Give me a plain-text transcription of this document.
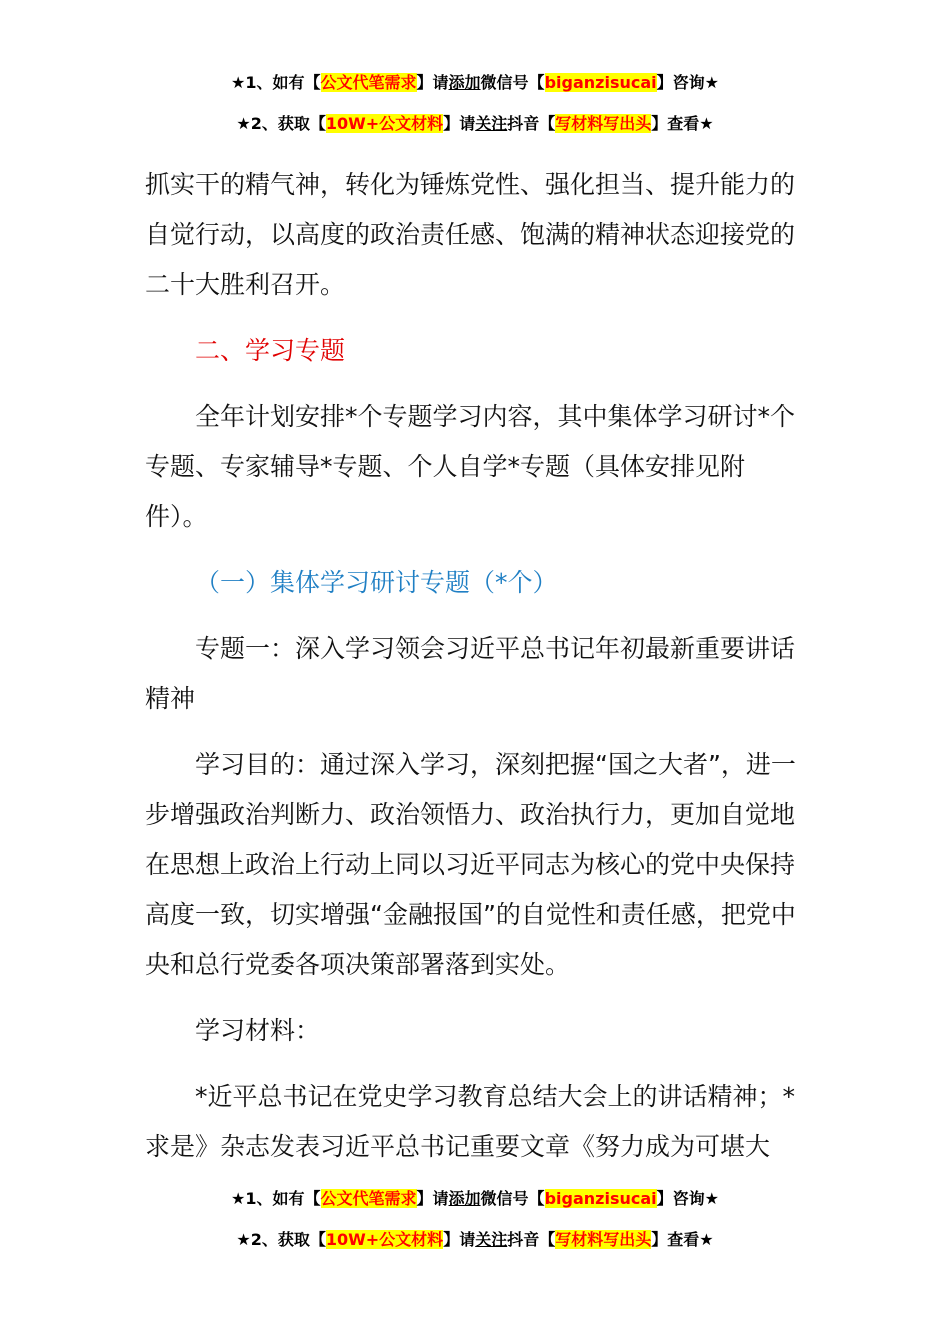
★1、如有【公文代笔需求】请添加微信号【biganzisucai】咨询★
★2、获取【10W+公文材料】请关注抖音【写材料写出头】查看★

抓实干的精气神，转化为锤炼党性、强化担当、提升能力的自觉行动，以高度的政治责任感、饱满的精神状态迎接党的二十大胜利召开。

二、学习专题

全年计划安排*个专题学习内容，其中集体学习研讨*个专题、专家辅导*专题、个人自学*专题（具体安排见附件）。

（一）集体学习研讨专题（*个）

专题一：深入学习领会习近平总书记年初最新重要讲话精神

学习目的：通过深入学习，深刻把握“国之大者”，进一步增强政治判断力、政治领悟力、政治执行力，更加自觉地在思想上政治上行动上同以习近平同志为核心的党中央保持高度一致，切实增强“金融报国”的自觉性和责任感，把党中央和总行党委各项决策部署落到实处。

学习材料：

*近平总书记在党史学习教育总结大会上的讲话精神；*求是》杂志发表习近平总书记重要文章《努力成为可堪大

★1、如有【公文代笔需求】请添加微信号【biganzisucai】咨询★
★2、获取【10W+公文材料】请关注抖音【写材料写出头】查看★
